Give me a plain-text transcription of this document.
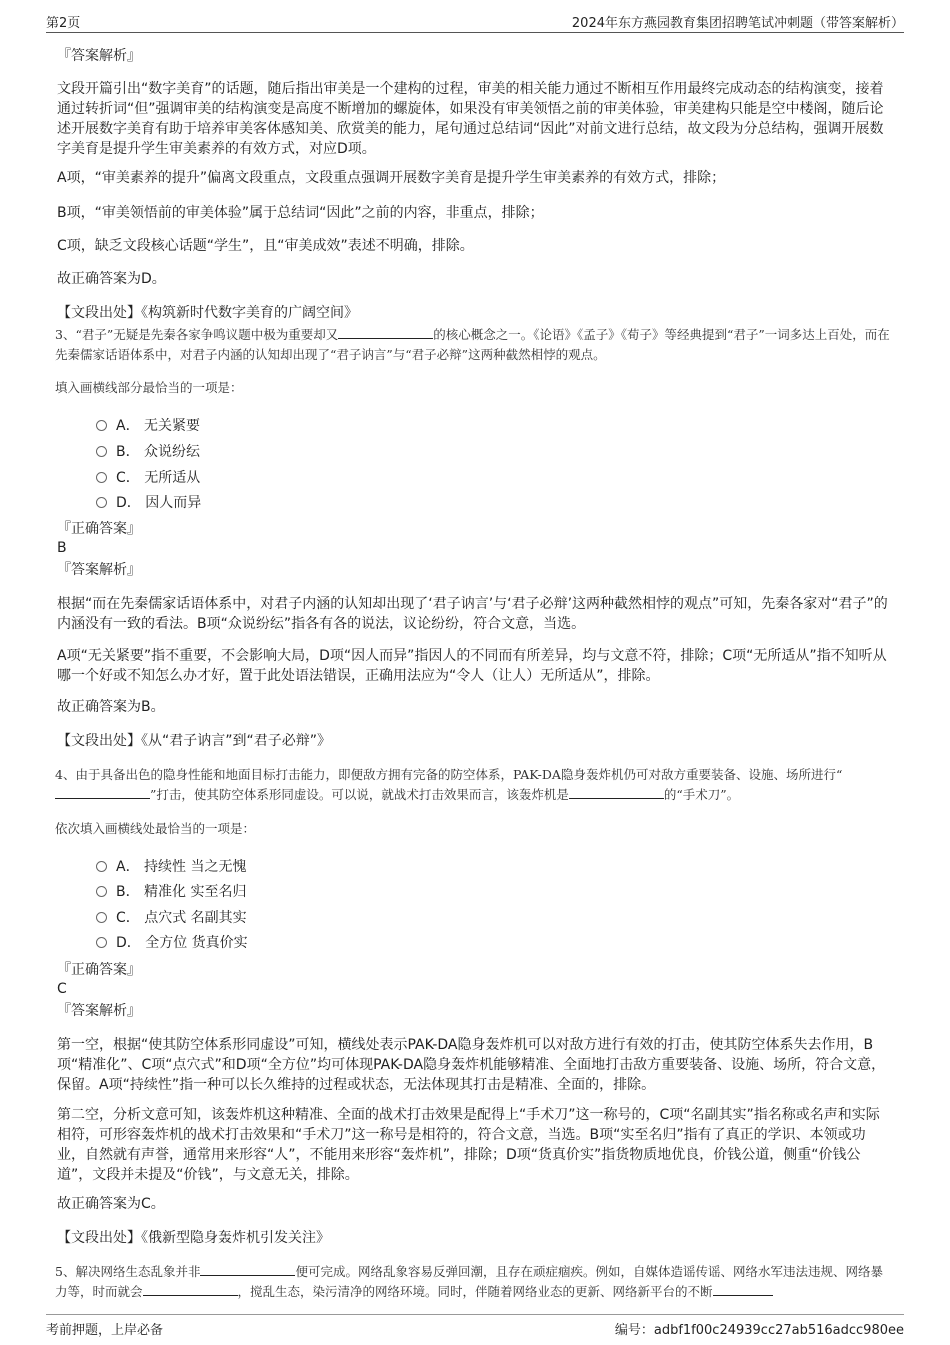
第2页	2024年东方燕园教育集团招聘笔试冲刺题（带答案解析）
『答案解析』
文段开篇引出“数字美育”的话题，随后指出审美是一个建构的过程，审美的相关能力通过不断相互作用最终完成动态的结构演变，接着通过转折词“但”强调审美的结构演变是高度不断增加的螺旋体，如果没有审美领悟之前的审美体验，审美建构只能是空中楼阁，随后论述开展数字美育有助于培养审美客体感知美、欣赏美的能力，尾句通过总结词“因此”对前文进行总结，故文段为分总结构，强调开展数字美育是提升学生审美素养的有效方式，对应D项。
A项，“审美素养的提升”偏离文段重点，文段重点强调开展数字美育是提升学生审美素养的有效方式，排除；
B项，“审美领悟前的审美体验”属于总结词“因此”之前的内容，非重点，排除；
C项，缺乏文段核心话题“学生”，且“审美成效”表述不明确，排除。
故正确答案为D。
【文段出处】《构筑新时代数字美育的广阔空间》
3、“君子”无疑是先秦各家争鸣议题中极为重要却又	的核心概念之一。《论语》《孟子》《荀子》等经典提到“君子”一词多达上百处，而在先秦儒家话语体系中，对君子内涵的认知却出现了“君子讷言”与“君子必辩”这两种截然相悖的观点。
填入画横线部分最恰当的一项是：
A． 无关紧要
B． 众说纷纭
C． 无所适从
D． 因人而异
『正确答案』
B
『答案解析』
根据“而在先秦儒家话语体系中，对君子内涵的认知却出现了‘君子讷言’与‘君子必辩’这两种截然相悖的观点”可知，先秦各家对“君子”的内涵没有一致的看法。B项“众说纷纭”指各有各的说法，议论纷纷，符合文意，当选。
A项“无关紧要”指不重要，不会影响大局，D项“因人而异”指因人的不同而有所差异，均与文意不符，排除；C项“无所适从”指不知听从哪一个好或不知怎么办才好，置于此处语法错误，正确用法应为“令人（让人）无所适从”，排除。
故正确答案为B。
【文段出处】《从“君子讷言”到“君子必辩”》
4、由于具备出色的隐身性能和地面目标打击能力，即便敌方拥有完备的防空体系，PAK-DA隐身轰炸机仍可对敌方重要装备、设施、场所进行“”打击，使其防空体系形同虚设。可以说，就战术打击效果而言，该轰炸机是	的“手术刀”。
依次填入画横线处最恰当的一项是：
A． 持续性 当之无愧
B． 精准化 实至名归
C． 点穴式 名副其实
D． 全方位 货真价实
『正确答案』
C
『答案解析』
第一空，根据“使其防空体系形同虚设”可知，横线处表示PAK-DA隐身轰炸机可以对敌方进行有效的打击，使其防空体系失去作用，B项“精准化”、C项“点穴式”和D项“全方位”均可体现PAK-DA隐身轰炸机能够精准、全面地打击敌方重要装备、设施、场所，符合文意，保留。A项“持续性”指一种可以长久维持的过程或状态，无法体现其打击是精准、全面的，排除。
第二空，分析文意可知，该轰炸机这种精准、全面的战术打击效果是配得上“手术刀”这一称号的，C项“名副其实”指名称或名声和实际相符，可形容轰炸机的战术打击效果和“手术刀”这一称号是相符的，符合文意，当选。B项“实至名归”指有了真正的学识、本领或功业，自然就有声誉，通常用来形容“人”，不能用来形容“轰炸机”，排除；D项“货真价实”指货物质地优良，价钱公道，侧重“价钱公道”，文段并未提及“价钱”，与文意无关，排除。
故正确答案为C。
【文段出处】《俄新型隐身轰炸机引发关注》
5、解决网络生态乱象并非	便可完成。网络乱象容易反弹回潮，且存在顽症痼疾。例如，自媒体造谣传谣、网络水军违法违规、网络暴力等，时而就会	，搅乱生态，染污清净的网络环境。同时，伴随着网络业态的更新、网络新平台的不断
考前押题，上岸必备	编号：adbf1f00c24939cc27ab516adcc980ee
